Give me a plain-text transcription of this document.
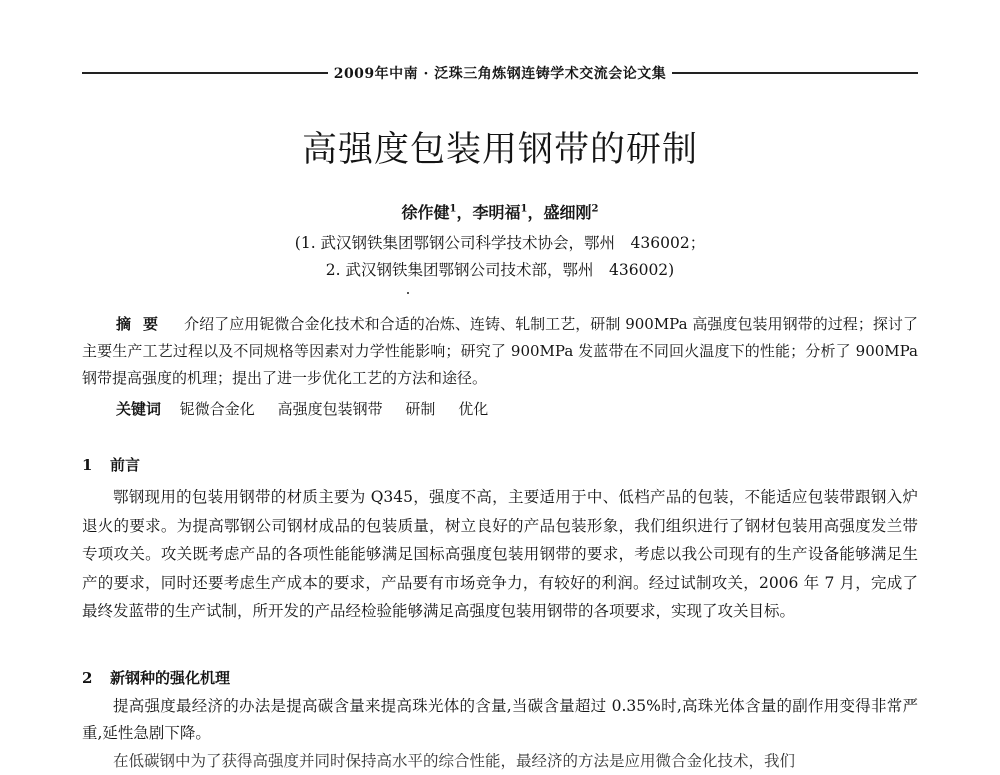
2009年中南 · 泛珠三角炼钢连铸学术交流会论文集
高强度包装用钢带的研制
徐作健$^1$，李明福$^1$，盛细刚$^2$
(1. 武汉钢铁集团鄂钢公司科学技术协会，鄂州　436002；
2. 武汉钢铁集团鄂钢公司技术部，鄂州　436002)
摘要 介绍了应用铌微合金化技术和合适的冶炼、连铸、轧制工艺，研制 900MPa 高强度包装用钢带的过程；探讨了主要生产工艺过程以及不同规格等因素对力学性能影响；研究了 900MPa 发蓝带在不同回火温度下的性能；分析了 900MPa 钢带提高强度的机理；提出了进一步优化工艺的方法和途径。
关键词 铌微合金化 高强度包装钢带 研制 优化
1 前言
鄂钢现用的包装用钢带的材质主要为 Q345，强度不高，主要适用于中、低档产品的包装，不能适应包装带跟钢入炉退火的要求。为提高鄂钢公司钢材成品的包装质量，树立良好的产品包装形象，我们组织进行了钢材包装用高强度发兰带专项攻关。攻关既考虑产品的各项性能能够满足国标高强度包装用钢带的要求，考虑以我公司现有的生产设备能够满足生产的要求，同时还要考虑生产成本的要求，产品要有市场竞争力，有较好的利润。经过试制攻关，2006 年 7 月，完成了最终发蓝带的生产试制，所开发的产品经检验能够满足高强度包装用钢带的各项要求，实现了攻关目标。
2 新钢种的强化机理
提高强度最经济的办法是提高碳含量来提高珠光体的含量,当碳含量超过 0.35%时,高珠光体含量的副作用变得非常严重,延性急剧下降。
在低碳钢中为了获得高强度并同时保持高水平的综合性能，最经济的方法是应用微合金化技术，我们
